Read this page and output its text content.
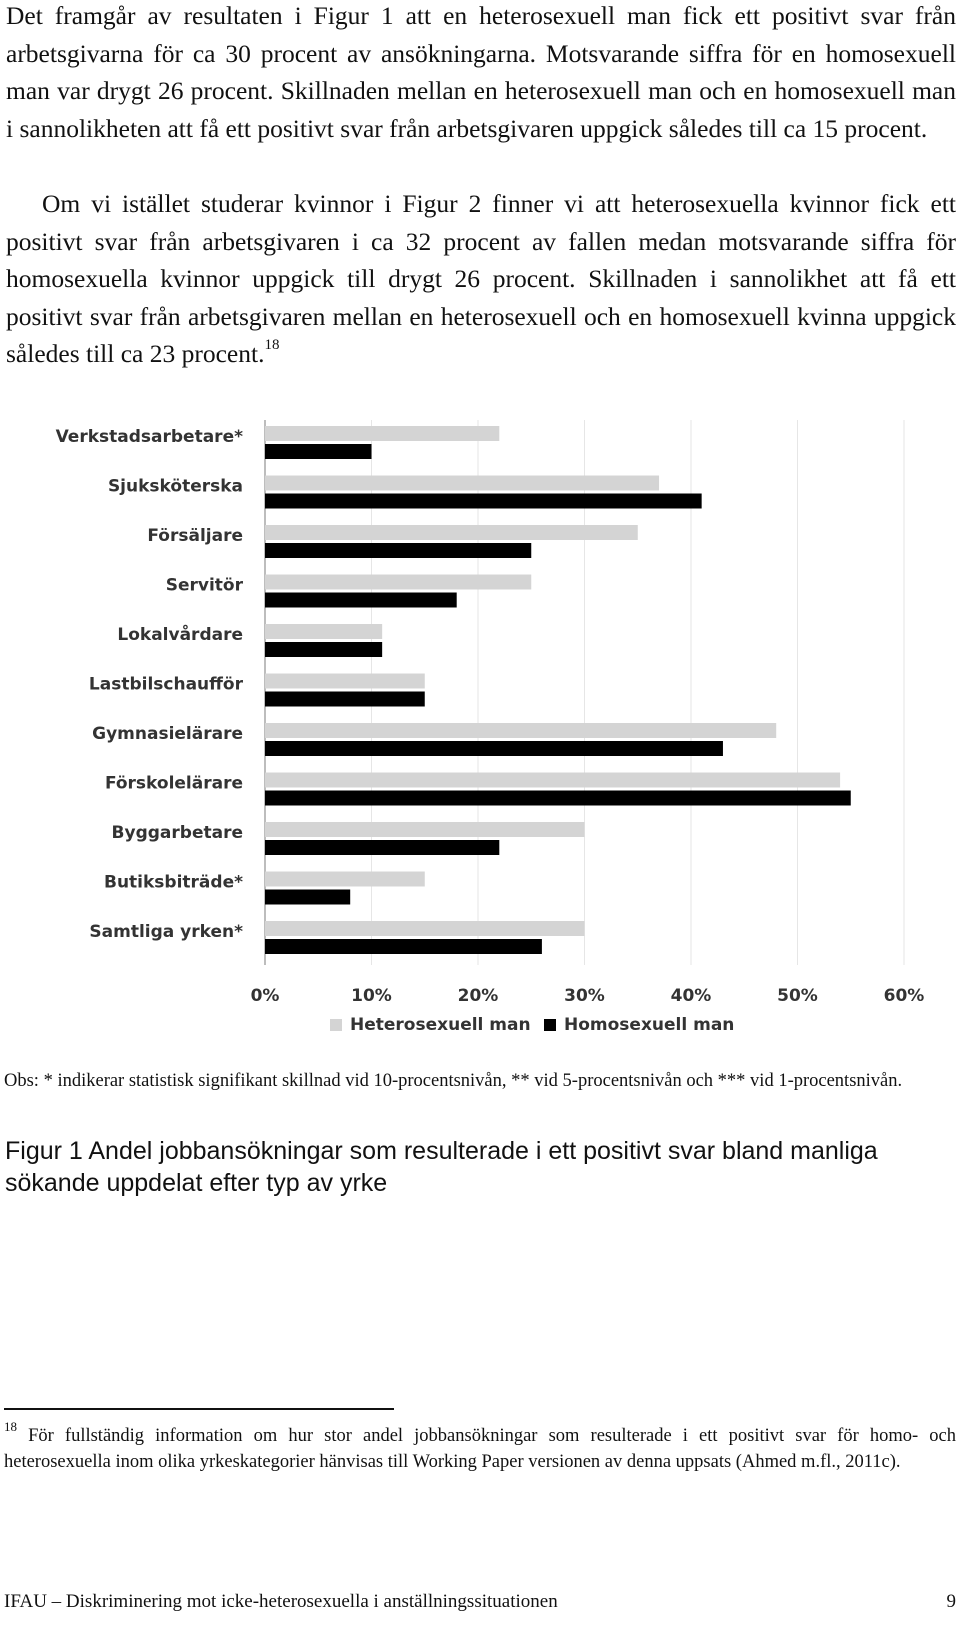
Det framgår av resultaten i Figur 1 att en heterosexuell man fick ett positivt svar från arbetsgivarna för ca 30 procent av ansökningarna. Motsvarande siffra för en homosexuell man var drygt 26 procent. Skillnaden mellan en heterosexuell man och en homosexuell man i sannolikheten att få ett positivt svar från arbetsgivaren uppgick således till ca 15 procent.

Om vi istället studerar kvinnor i Figur 2 finner vi att heterosexuella kvinnor fick ett positivt svar från arbetsgivaren i ca 32 procent av fallen medan motsvarande siffra för homosexuella kvinnor uppgick till drygt 26 procent. Skillnaden i sannolikhet att få ett positivt svar från arbetsgivaren mellan en heterosexuell och en homosexuell kvinna uppgick således till ca 23 procent.$^{18}$

Verkstadsarbetare*
Sjuksköterska
Försäljare
Servitör
Lokalvårdare
Lastbilschaufför
Gymnasielärare
Förskolelärare
Byggarbetare
Butiksbiträde*
Samtliga yrken*
0%	10%	20%	30%	40%	50%	60%
Heterosexuell man Homosexuell man

Obs: * indikerar statistisk signifikant skillnad vid 10-procentsnivån, ** vid 5-procentsnivån och *** vid 1-procentsnivån.

Figur 1 Andel jobbansökningar som resulterade i ett positivt svar bland manliga sökande uppdelat efter typ av yrke

$^{18}$ För fullständig information om hur stor andel jobbansökningar som resulterade i ett positivt svar för homo- och heterosexuella inom olika yrkeskategorier hänvisas till Working Paper versionen av denna uppsats (Ahmed m.fl., 2011c).

IFAU – Diskriminering mot icke-heterosexuella i anställningssituationen	9
